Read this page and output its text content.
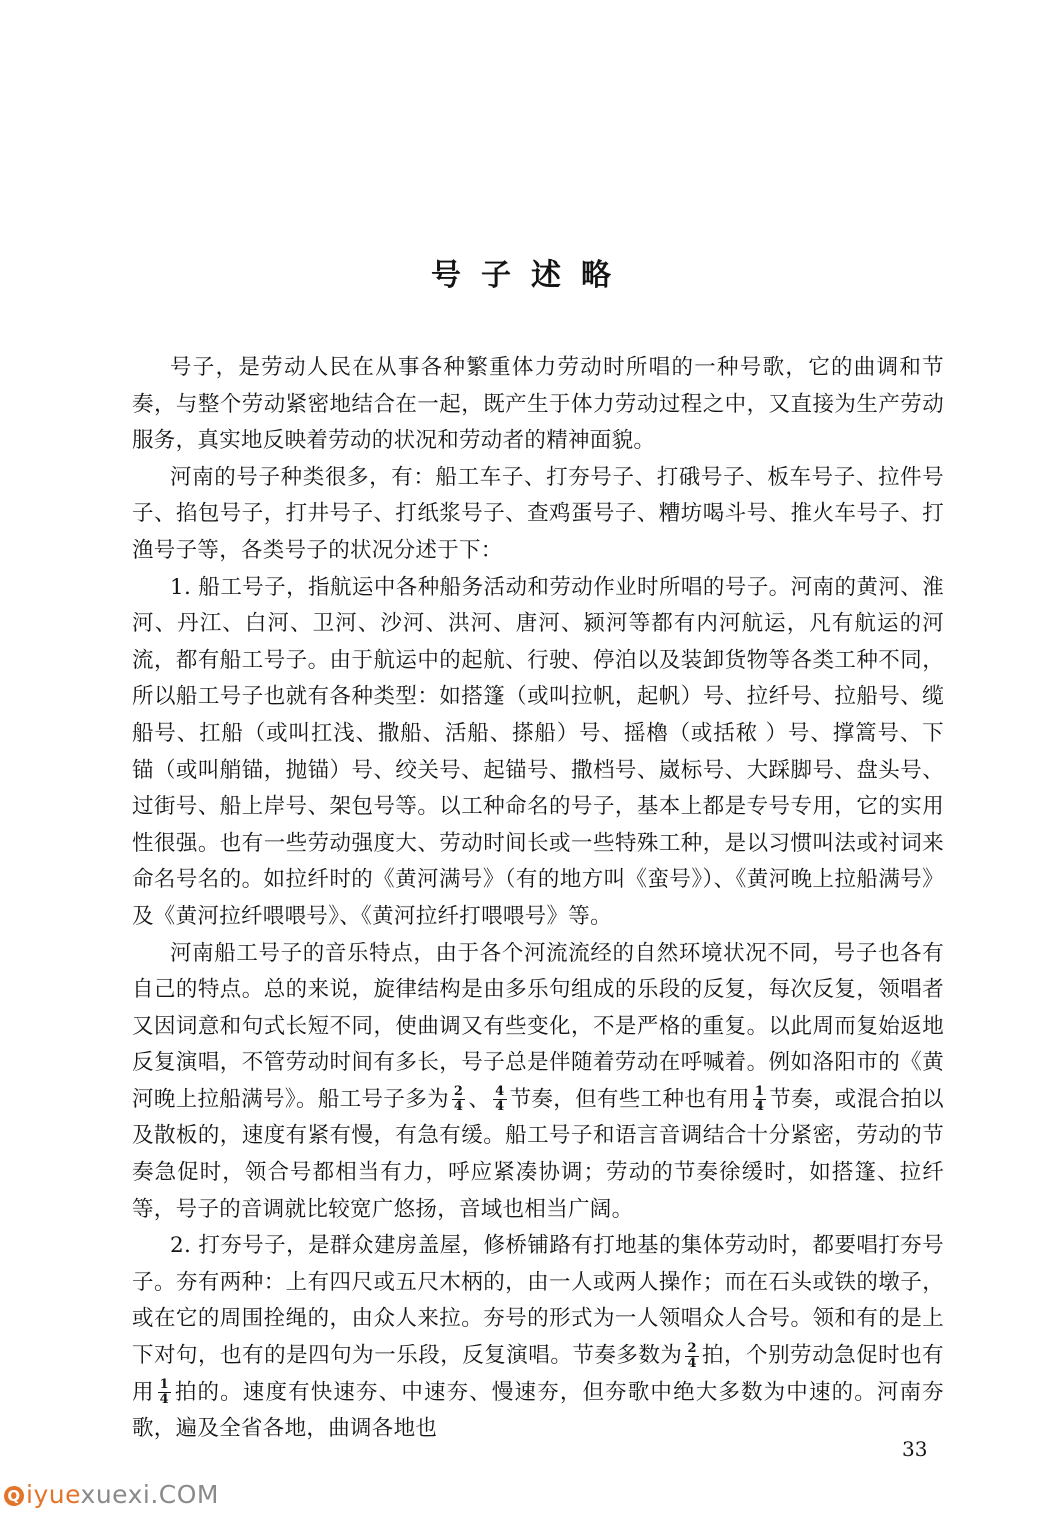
号子述略

号子，是劳动人民在从事各种繁重体力劳动时所唱的一种号歌，它的曲调和节奏，与整个劳动紧密地结合在一起，既产生于体力劳动过程之中，又直接为生产劳动服务，真实地反映着劳动的状况和劳动者的精神面貌。

河南的号子种类很多，有：船工车子、打夯号子、打硪号子、板车号子、拉件号子、掐包号子，打井号子、打纸浆号子、查鸡蛋号子、糟坊喝斗号、推火车号子、打渔号子等，各类号子的状况分述于下：

1. 船工号子，指航运中各种船务活动和劳动作业时所唱的号子。河南的黄河、淮河、丹江、白河、卫河、沙河、洪河、唐河、颍河等都有内河航运，凡有航运的河流，都有船工号子。由于航运中的起航、行驶、停泊以及装卸货物等各类工种不同，所以船工号子也就有各种类型：如搭篷（或叫拉帆，起帆）号、拉纤号、拉船号、缆船号、扛船（或叫扛浅、撒船、活船、搽船）号、摇櫓（或括秾 ）号、撑篙号、下锚（或叫艄锚，抛锚）号、绞关号、起锚号、撒档号、崴标号、大踩脚号、盘头号、过街号、船上岸号、架包号等。以工种命名的号子，基本上都是专号专用，它的实用性很强。也有一些劳动强度大、劳动时间长或一些特殊工种，是以习惯叫法或衬词来命名号名的。如拉纤时的《黄河满号》（有的地方叫《蛮号》）、《黄河晚上拉船满号》及《黄河拉纤喂喂号》、《黄河拉纤打喂喂号》等。

河南船工号子的音乐特点，由于各个河流流经的自然环境状况不同，号子也各有自己的特点。总的来说，旋律结构是由多乐句组成的乐段的反复，每次反复，领唱者又因词意和句式长短不同，使曲调又有些变化，不是严格的重复。以此周而复始返地反复演唱，不管劳动时间有多长，号子总是伴随着劳动在呼喊着。例如洛阳市的《黄河晚上拉船满号》。船工号子多为 $\frac{2}{4}$ 、 $\frac{4}{4}$ 节奏，但有些工种也有用 $\frac{1}{4}$ 节奏，或混合拍以及散板的，速度有紧有慢，有急有缓。船工号子和语言音调结合十分紧密，劳动的节奏急促时，领合号都相当有力，呼应紧凑协调；劳动的节奏徐缓时，如搭篷、拉纤等，号子的音调就比较宽广悠扬，音域也相当广阔。

2. 打夯号子，是群众建房盖屋，修桥铺路有打地基的集体劳动时，都要唱打夯号子。夯有两种：上有四尺或五尺木柄的，由一人或两人操作；而在石头或铁的墩子，或在它的周围拴绳的，由众人来拉。夯号的形式为一人领唱众人合号。领和有的是上下对句，也有的是四句为一乐段，反复演唱。节奏多数为 $\frac{2}{4}$ 拍，个别劳动急促时也有用 $\frac{1}{4}$ 拍的。速度有快速夯、中速夯、慢速夯，但夯歌中绝大多数为中速的。河南夯歌，遍及全省各地，曲调各地也

33
Q iyuexuexi.COM
